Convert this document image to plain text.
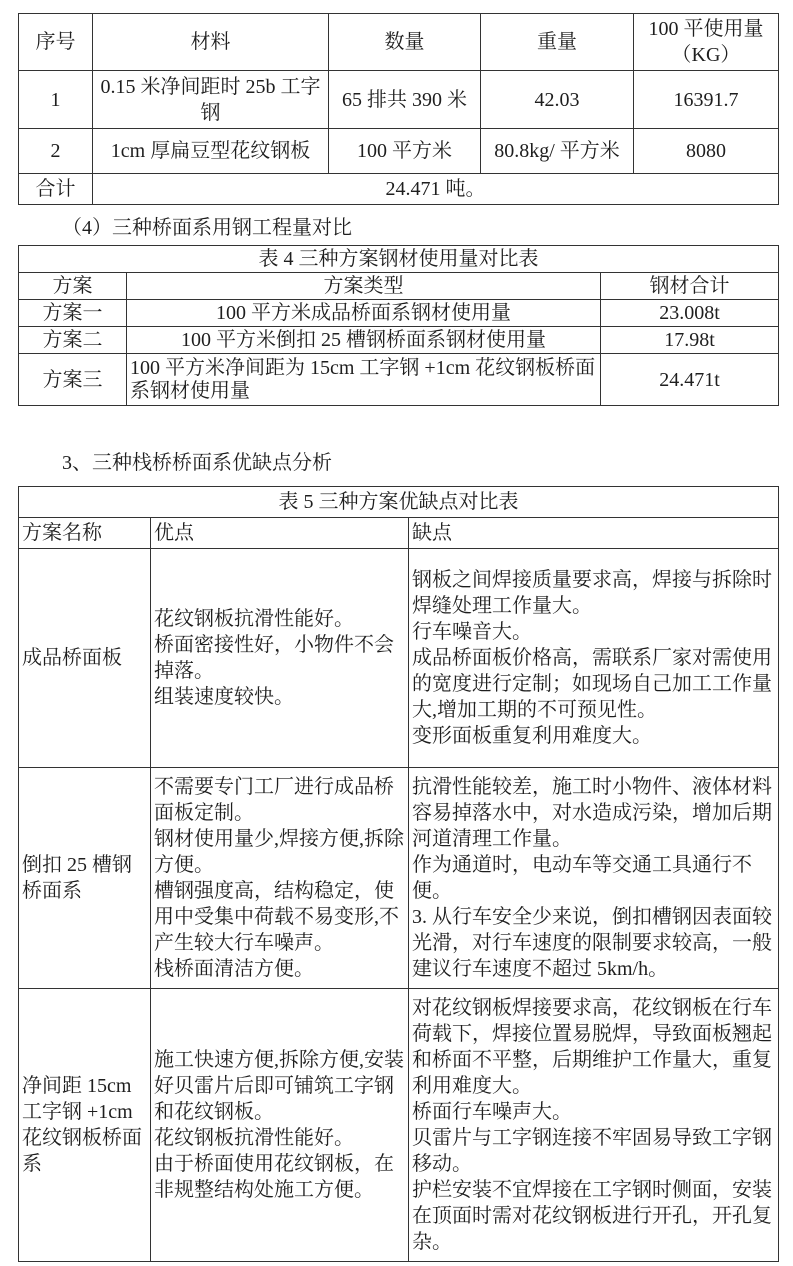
序号	材料	数量	重量	100 平使用量（KG）
1	0.15 米净间距时 25b 工字钢	65 排共 390 米	42.03	16391.7
2	1cm 厚扁豆型花纹钢板	100 平方米	80.8kg/ 平方米	8080
合计	24.471 吨。			
（4）三种桥面系用钢工程量对比
表 4 三种方案钢材使用量对比表		
方案	方案类型	钢材合计
方案一	100 平方米成品桥面系钢材使用量	23.008t
方案二	100 平方米倒扣 25 槽钢桥面系钢材使用量	17.98t
方案三	100 平方米净间距为 15cm 工字钢 +1cm 花纹钢板桥面系钢材使用量	24.471t
3、三种栈桥桥面系优缺点分析
表 5 三种方案优缺点对比表		
方案名称	优点	缺点
成品桥面板	花纹钢板抗滑性能好。
桥面密接性好，小物件不会掉落。
组装速度较快。	钢板之间焊接质量要求高，焊接与拆除时焊缝处理工作量大。
行车噪音大。
成品桥面板价格高，需联系厂家对需使用的宽度进行定制；如现场自己加工工作量大,增加工期的不可预见性。
变形面板重复利用难度大。

倒扣 25 槽钢桥面系	不需要专门工厂进行成品桥面板定制。
钢材使用量少,焊接方便,拆除方便。
槽钢强度高，结构稳定，使用中受集中荷载不易变形,不产生较大行车噪声。
栈桥面清洁方便。	抗滑性能较差，施工时小物件、液体材料容易掉落水中，对水造成污染，增加后期河道清理工作量。
作为通道时，电动车等交通工具通行不便。
3. 从行车安全少来说，倒扣槽钢因表面较光滑，对行车速度的限制要求较高，一般建议行车速度不超过 5km/h。

净间距 15cm 工字钢 +1cm 花纹钢板桥面系	施工快速方便,拆除方便,安装好贝雷片后即可铺筑工字钢和花纹钢板。
花纹钢板抗滑性能好。
由于桥面使用花纹钢板，在非规整结构处施工方便。	对花纹钢板焊接要求高，花纹钢板在行车荷载下，焊接位置易脱焊，导致面板翘起和桥面不平整，后期维护工作量大，重复利用难度大。
桥面行车噪声大。
贝雷片与工字钢连接不牢固易导致工字钢移动。
护栏安装不宜焊接在工字钢时侧面，安装在顶面时需对花纹钢板进行开孔，开孔复杂。
